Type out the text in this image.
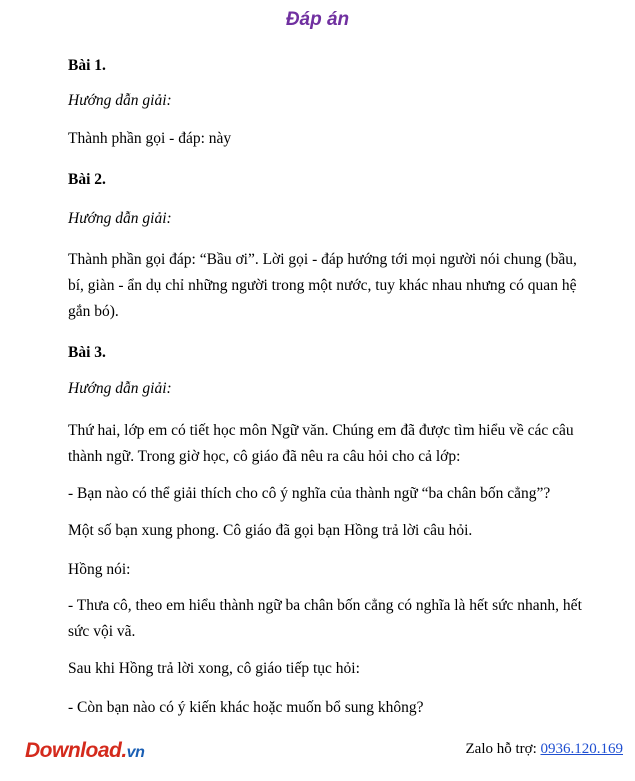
Đáp án
Bài 1.
Hướng dẫn giải:
Thành phần gọi - đáp: này
Bài 2.
Hướng dẫn giải:
Thành phần gọi đáp: “Bầu ơi”. Lời gọi - đáp hướng tới mọi người nói chung (bầu, bí, giàn - ẩn dụ chỉ những người trong một nước, tuy khác nhau nhưng có quan hệ gắn bó).
Bài 3.
Hướng dẫn giải:
Thứ hai, lớp em có tiết học môn Ngữ văn. Chúng em đã được tìm hiểu về các câu thành ngữ. Trong giờ học, cô giáo đã nêu ra câu hỏi cho cả lớp:
- Bạn nào có thể giải thích cho cô ý nghĩa của thành ngữ “ba chân bốn cẳng”?
Một số bạn xung phong. Cô giáo đã gọi bạn Hồng trả lời câu hỏi.
Hồng nói:
- Thưa cô, theo em hiểu thành ngữ ba chân bốn cẳng có nghĩa là hết sức nhanh, hết sức vội vã.
Sau khi Hồng trả lời xong, cô giáo tiếp tục hỏi:
- Còn bạn nào có ý kiến khác hoặc muốn bổ sung không?
Download.vn	Zalo hỗ trợ: 0936.120.169
